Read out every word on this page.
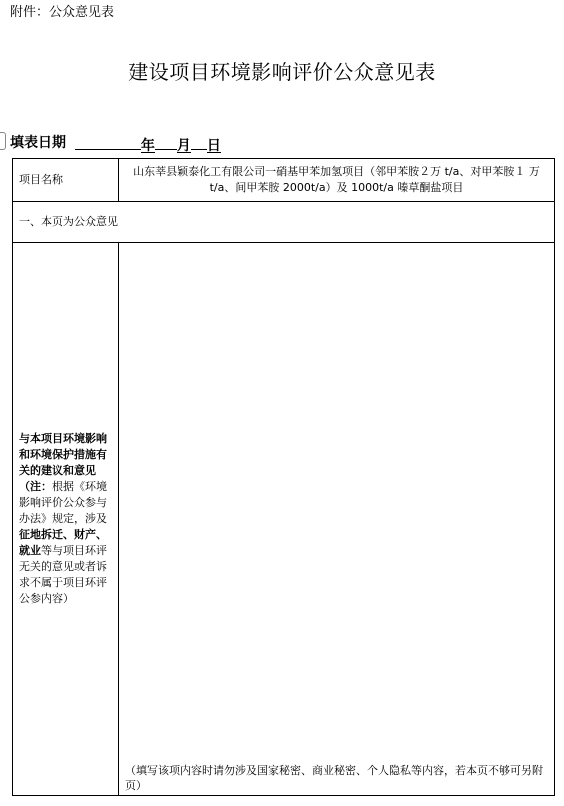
附件：公众意见表
建设项目环境影响评价公众意见表
填表日期	年 月 日
项目名称	山东莘县颖泰化工有限公司一硝基甲苯加氢项目（邻甲苯胺２万 t/a、对甲苯胺１ 万 t/a、间甲苯胺 2000t/a）及 1000t/a 嗪草酮盐项目
一、本页为公众意见	
与本项目环境影响和环境保护措施有关的建议和意见（注：根据《环境影响评价公众参与办法》规定，涉及征地拆迁、财产、就业等与项目环评无关的意见或者诉求不属于项目环评公参内容）	（填写该项内容时请勿涉及国家秘密、商业秘密、个人隐私等内容，若本页不够可另附页）
